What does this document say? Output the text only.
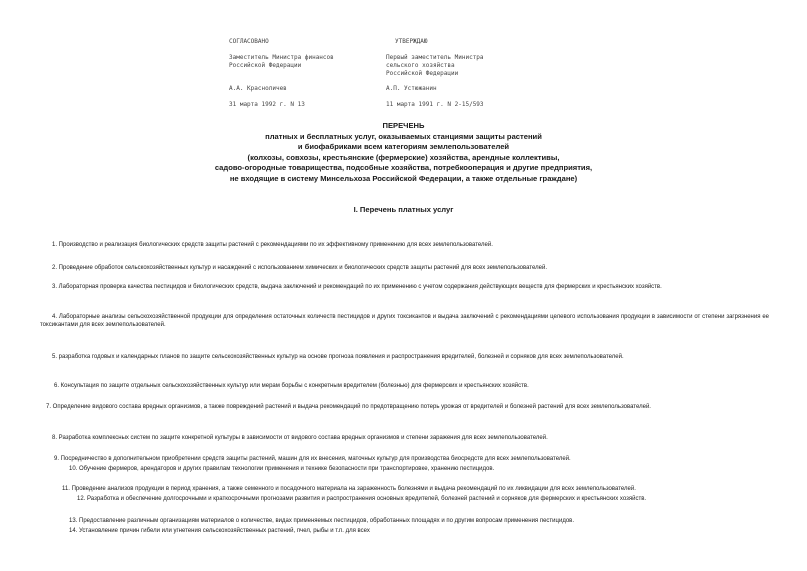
СОГЛАСОВАНО
Заместитель Министра финансов
Российской Федерации
А.А. Красноличев
31 марта 1992 г. N 13
УТВЕРЖДАЮ
Первый заместитель Министра
сельского хозяйства
Российской Федерации
А.П. Устюжанин
11 марта 1991 г. N 2-15/593
ПЕРЕЧЕНЬ
платных и бесплатных услуг, оказываемых станциями защиты растений
и биофабриками всем категориям землепользователей
(колхозы, совхозы, крестьянские (фермерские) хозяйства, арендные коллективы,
садово-огородные товарищества, подсобные хозяйства, потребкооперация и другие предприятия,
не входящие в систему Минсельхоза Российской Федерации, а также отдельные граждане)
I. Перечень платных услуг
1. Производство и реализация биологических средств защиты растений с рекомендациями по их эффективному применению для всех землепользователей.
2. Проведение обработок сельскохозяйственных культур и насаждений с использованием химических и биологических средств защиты растений для всех землепользователей.
3. Лабораторная проверка качества пестицидов и биологических средств, выдача заключений и рекомендаций по их применению с учетом содержания действующих веществ для фермерских и крестьянских хозяйств.
4. Лабораторные анализы сельскохозяйственной продукции для определения остаточных количеств пестицидов и других токсикантов и выдача заключений с рекомендациями целевого использования продукции в зависимости от степени загрязнения ее токсикантами для всех землепользователей.
5. разработка годовых и календарных планов по защите сельскохозяйственных культур на основе прогноза появления и распространения вредителей, болезней и сорняков для всех землепользователей.
6. Консультация по защите отдельных сельскохозяйственных культур или мерам борьбы с конкретным вредителем (болезнью) для фермерских и крестьянских хозяйств.
7. Определение видового состава вредных организмов, а также повреждений растений и выдача рекомендаций по предотвращению потерь урожая от вредителей и болезней растений для всех землепользователей.
8. Разработка комплексных систем по защите конкретной культуры в зависимости от видового состава вредных организмов и степени заражения для всех землепользователей.
9. Посредничество в дополнительном приобретении средств защиты растений, машин для их внесения, маточных культур для производства биосредств для всех землепользователей.
10. Обучение фермеров, арендаторов и других правилам технологии применения и технике безопасности при транспортировке, хранению пестицидов.
11. Проведение анализов продукции в период хранения, а также семенного и посадочного материала на зараженность болезнями и выдача рекомендаций по их ликвидации для всех землепользователей.
12. Разработка и обеспечение долгосрочными и краткосрочными прогнозами развития и распространения основных вредителей, болезней растений и сорняков для фермерских и крестьянских хозяйств.
13. Предоставление различным организациям материалов о количестве, видах применяемых пестицидов, обработанных площадях и по другим вопросам применения пестицидов.
14. Установление причин гибели или угнетения сельскохозяйственных растений, пчел, рыбы и т.п. для всех
